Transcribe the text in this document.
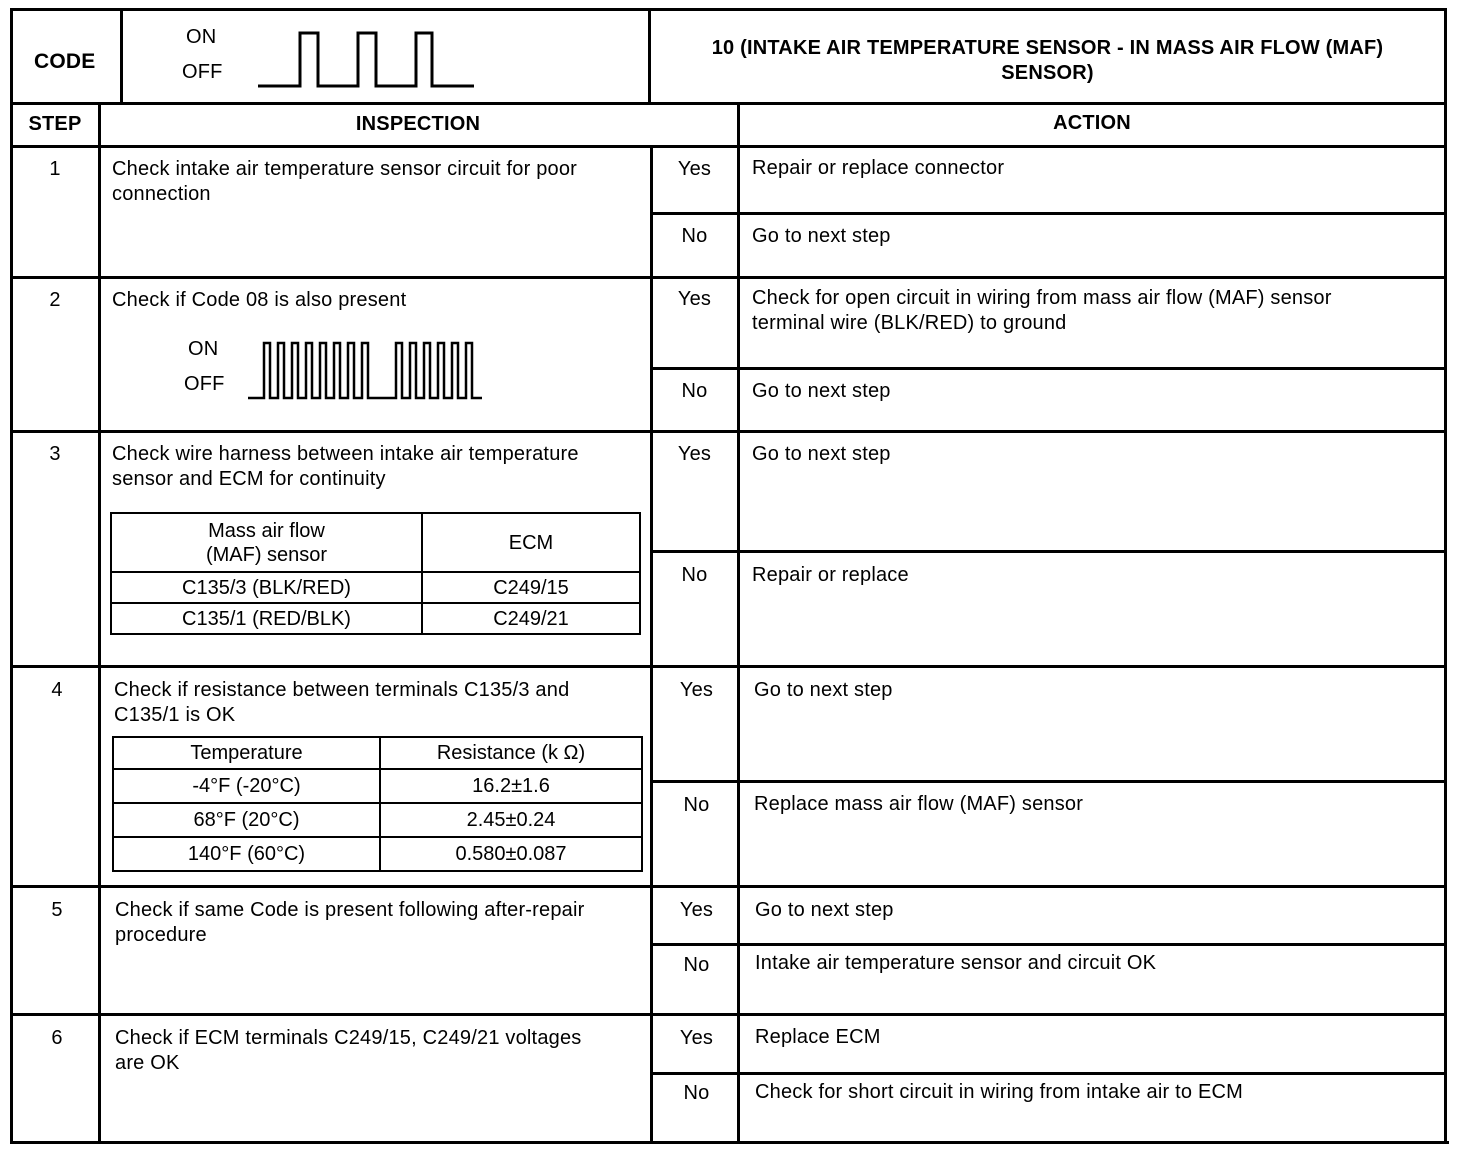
CODE
ON
OFF
10 (INTAKE AIR TEMPERATURE SENSOR - IN MASS AIR FLOW (MAF)
SENSOR)
STEP	INSPECTION	ACTION
1	Check intake air temperature sensor circuit for poor
connection
Yes	Repair or replace connector
No	Go to next step
2	Check if Code 08 is also present
ON
OFF
Yes	Check for open circuit in wiring from mass air flow (MAF) sensor
terminal wire (BLK/RED) to ground
No	Go to next step
3	Check wire harness between intake air temperature
sensor and ECM for continuity
Mass air flow
(MAF) sensor	ECM
C135/3 (BLK/RED)	C249/15
C135/1 (RED/BLK)	C249/21
Yes	Go to next step
No	Repair or replace
4	Check if resistance between terminals C135/3 and
C135/1 is OK
Temperature	Resistance (k Ω)
-4°F (-20°C)	16.2±1.6
68°F (20°C)	2.45±0.24
140°F (60°C)	0.580±0.087
Yes	Go to next step
No	Replace mass air flow (MAF) sensor
5	Check if same Code is present following after-repair
procedure
Yes	Go to next step
No	Intake air temperature sensor and circuit OK
6	Check if ECM terminals C249/15, C249/21 voltages
are OK
Yes	Replace ECM
No	Check for short circuit in wiring from intake air to ECM
